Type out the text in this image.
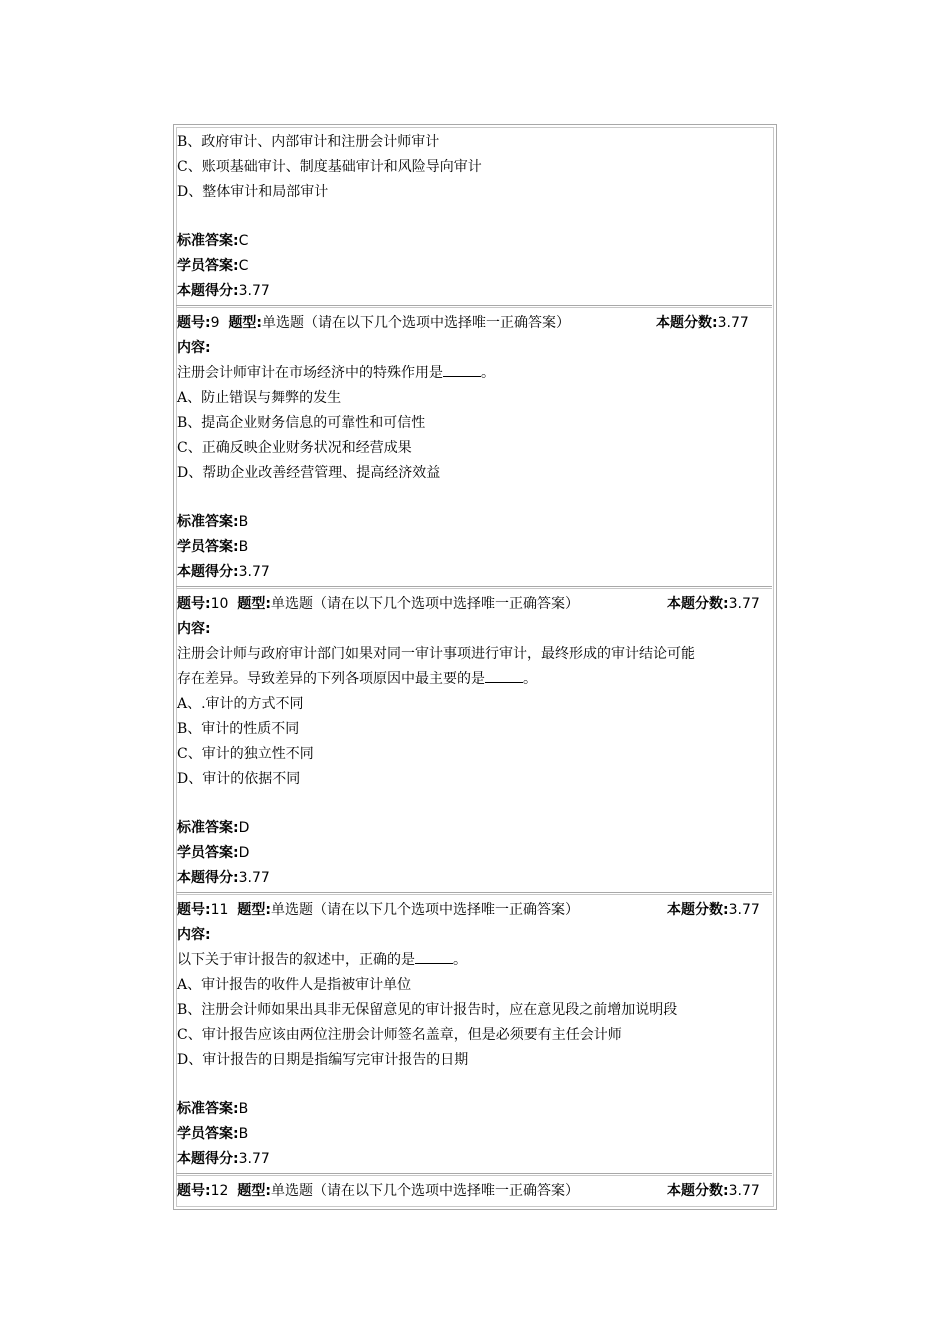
B、政府审计、内部审计和注册会计师审计
C、账项基础审计、制度基础审计和风险导向审计
D、整体审计和局部审计
标准答案:C
学员答案:C
本题得分:3.77
题号:9 题型:单选题（请在以下几个选项中选择唯一正确答案）	本题分数:3.77
内容:
注册会计师审计在市场经济中的特殊作用是	。
A、防止错误与舞弊的发生
B、提高企业财务信息的可靠性和可信性
C、正确反映企业财务状况和经营成果
D、帮助企业改善经营管理、提高经济效益
标准答案:B
学员答案:B
本题得分:3.77
题号:10 题型:单选题（请在以下几个选项中选择唯一正确答案）	本题分数:3.77
内容:
注册会计师与政府审计部门如果对同一审计事项进行审计，最终形成的审计结论可能
存在差异。导致差异的下列各项原因中最主要的是	。
A、.审计的方式不同
B、审计的性质不同
C、审计的独立性不同
D、审计的依据不同
标准答案:D
学员答案:D
本题得分:3.77
题号:11 题型:单选题（请在以下几个选项中选择唯一正确答案）	本题分数:3.77
内容:
以下关于审计报告的叙述中，正确的是	。
A、审计报告的收件人是指被审计单位
B、注册会计师如果出具非无保留意见的审计报告时，应在意见段之前增加说明段
C、审计报告应该由两位注册会计师签名盖章，但是必须要有主任会计师
D、审计报告的日期是指编写完审计报告的日期
标准答案:B
学员答案:B
本题得分:3.77
题号:12 题型:单选题（请在以下几个选项中选择唯一正确答案）	本题分数:3.77
